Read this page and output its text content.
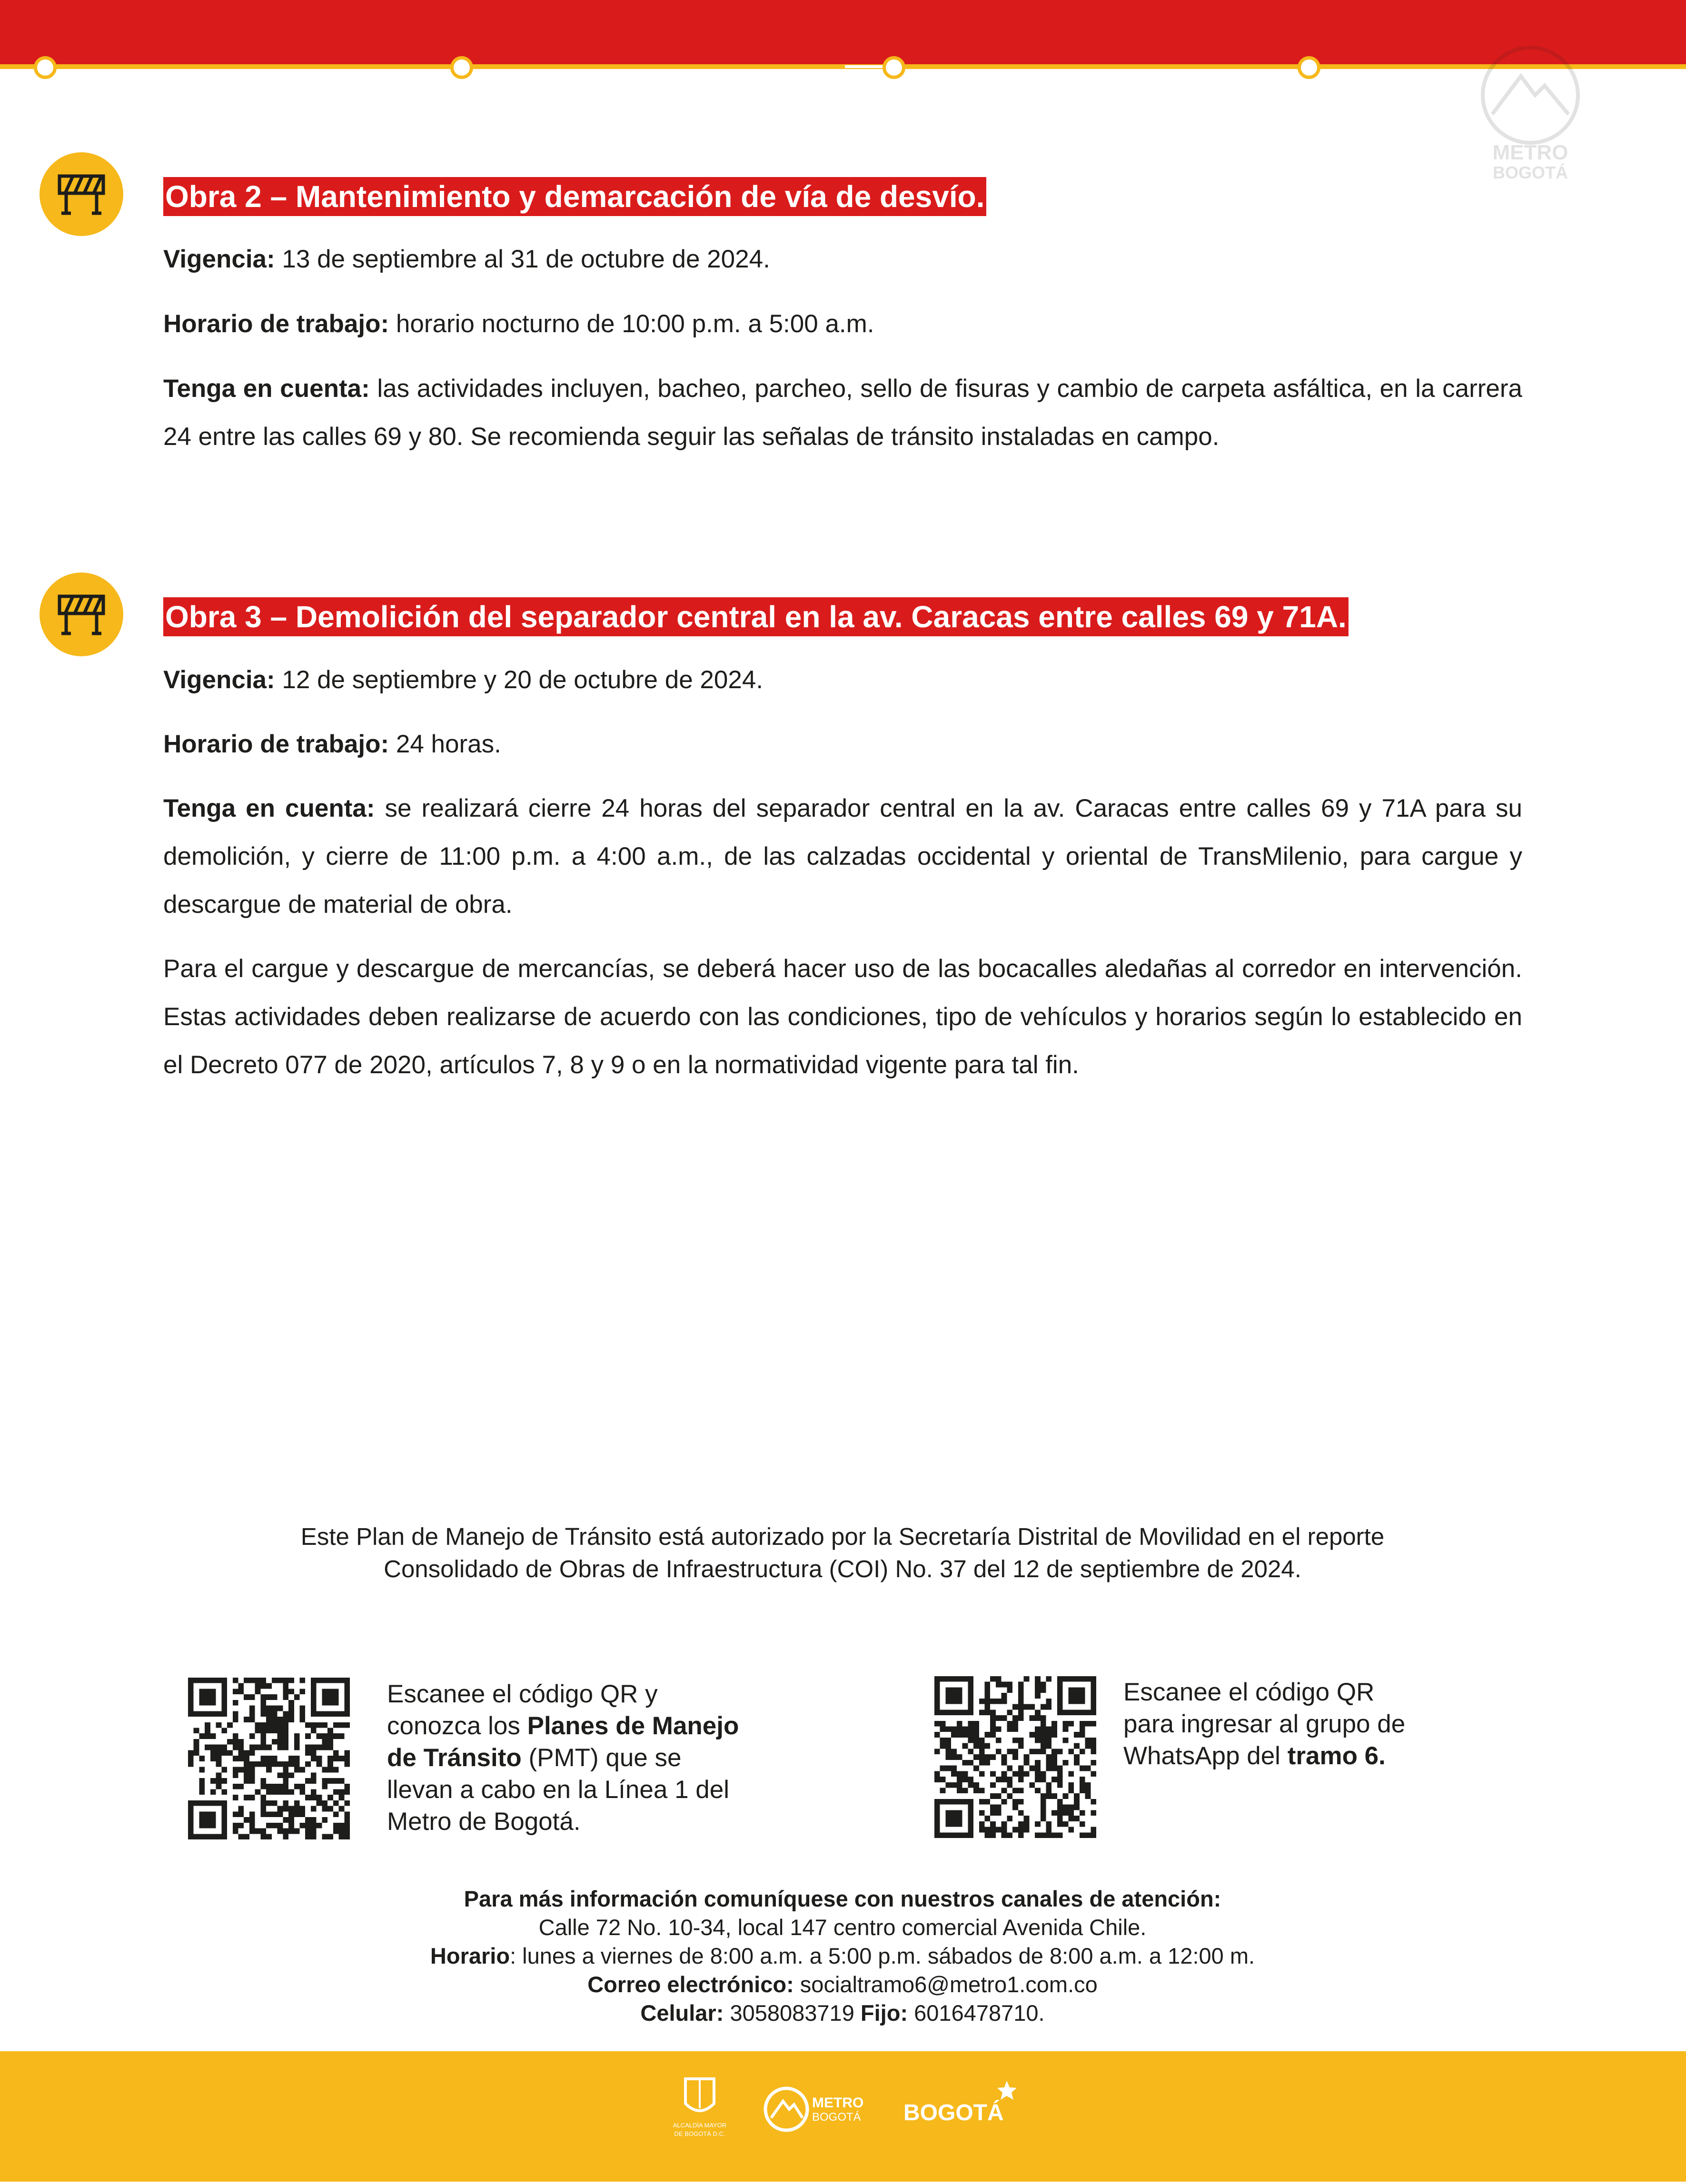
METRO
BOGOTÁ
Obra 2 – Mantenimiento y demarcación de vía de desvío.

Vigencia: 13 de septiembre al 31 de octubre de 2024.

Horario de trabajo: horario nocturno de 10:00 p.m. a 5:00 a.m.

Tenga en cuenta: las actividades incluyen, bacheo, parcheo, sello de fisuras y cambio de carpeta asfáltica, en la carrera 24 entre las calles 69 y 80. Se recomienda seguir las señalas de tránsito instaladas en campo.

Obra 3 – Demolición del separador central en la av. Caracas entre calles 69 y 71A.

Vigencia: 12 de septiembre y 20 de octubre de 2024.

Horario de trabajo: 24 horas.

Tenga en cuenta: se realizará cierre 24 horas del separador central en la av. Caracas entre calles 69 y 71A para su demolición, y cierre de 11:00 p.m. a 4:00 a.m., de las calzadas occidental y oriental de TransMilenio, para cargue y descargue de material de obra.

Para el cargue y descargue de mercancías, se deberá hacer uso de las bocacalles aledañas al corredor en intervención. Estas actividades deben realizarse de acuerdo con las condiciones, tipo de vehículos y horarios según lo establecido en el Decreto 077 de 2020, artículos 7, 8 y 9 o en la normatividad vigente para tal fin.

Este Plan de Manejo de Tránsito está autorizado por la Secretaría Distrital de Movilidad en el reporte
Consolidado de Obras de Infraestructura (COI) No. 37 del 12 de septiembre de 2024.

Escanee el código QR y
conozca los Planes de Manejo
de Tránsito (PMT) que se
llevan a cabo en la Línea 1 del
Metro de Bogotá.

Escanee el código QR
para ingresar al grupo de
WhatsApp del tramo 6.

Para más información comuníquese con nuestros canales de atención:
Calle 72 No. 10-34, local 147 centro comercial Avenida Chile.
Horario: lunes a viernes de 8:00 a.m. a 5:00 p.m. sábados de 8:00 a.m. a 12:00 m.
Correo electrónico: socialtramo6@metro1.com.co
Celular: 3058083719 Fijo: 6016478710.
ALCALDÍA MAYOR
DE BOGOTÁ D.C.
METRO
BOGOTÁ BOGOTÁ
